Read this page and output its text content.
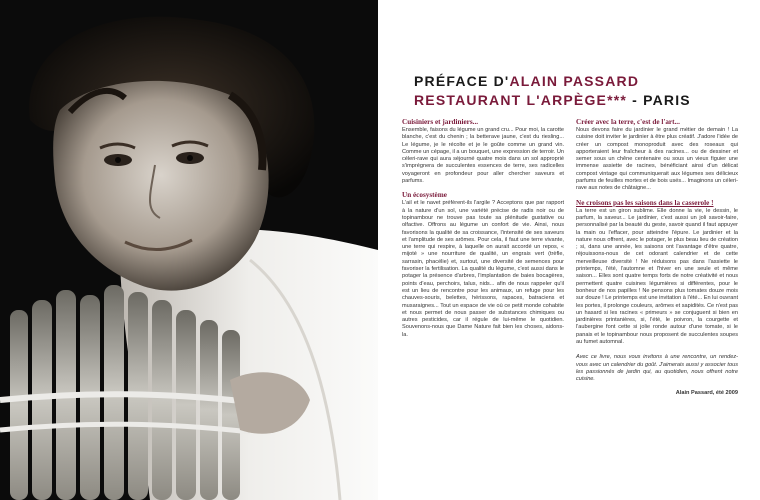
PRÉFACE D'ALAIN PASSARD
RESTAURANT L'ARPÈGE*** - PARIS
Cuisiniers et jardiniers...

Ensemble, faisons du légume un grand cru... Pour moi, la carotte blanche, c'est du chenin ; la betterave jaune, c'est du riesling... Le légume, je le récolte et je le goûte comme un grand vin. Comme un cépage, il a un bouquet, une expression de terroir. Un céleri-rave qui aura séjourné quatre mois dans un sol approprié s'imprégnera de succulentes essences de terre, ses radicelles voyageront en profondeur pour aller chercher saveurs et parfums.

Un écosystème

L'ail et le navet préfèrent-ils l'argile ? Acceptons que par rapport à la nature d'un sol, une variété précise de radis noir ou de topinambour ne trouve pas toute sa plénitude gustative ou olfactive. Offrons au légume un confort de vie. Ainsi, nous favorisons la qualité de sa croissance, l'intensité de ses saveurs et l'amplitude de ses arômes. Pour cela, il faut une terre vivante, une terre qui respire, à laquelle on aurait accordé un repos, « mijoté » une nourriture de qualité, un engrais vert (trèfle, sarrasin, phacélie) et, surtout, une diversité de semences pour favoriser la fertilisation. La qualité du légume, c'est aussi dans le potager la présence d'arbres, l'implantation de baies bocagères, points d'eau, perchoirs, talus, nids... afin de nous rappeler qu'il est un lieu de rencontre pour les animaux, un refuge pour les chauves-souris, belettes, hérissons, rapaces, batraciens et musaraignes... Tout un espace de vie où ce petit monde cohabite et nous permet de nous passer de substances chimiques ou autres pesticides, car il régule de lui-même le quotidien. Souvenons-nous que Dame Nature fait bien les choses, aidons-la.

Créer avec la terre, c'est de l'art...

Nous devons faire du jardinier le grand métier de demain ! La cuisine doit inviter le jardinier à être plus créatif. J'adore l'idée de créer un compost monoproduit avec des roseaux qui apporteraient leur fraîcheur à des racines... ou de dessiner et semer sous un chêne centenaire ou sous un vieux figuier une immense assiette de racines, bénéficiant ainsi d'un délicat compost vintage qui communiquerait aux légumes ses délicieux parfums de feuilles mortes et de bois usés... Imaginons un céleri-rave aux notes de châtaigne...

Ne croisons pas les saisons dans la casserole !

La terre est un giron sublime. Elle donne la vie, le dessin, le parfum, la saveur... Le jardinier, c'est aussi un joli savoir-faire, personnalisé par la beauté du geste, savoir quand il faut appuyer la main ou l'effacer, pour atteindre l'épure. Le jardinier et la nature nous offrent, avec le potager, le plus beau lieu de création ; si, dans une année, les saisons ont l'avantage d'être quatre, réjouissons-nous de cet odorant calendrier et de cette merveilleuse diversité ! Ne réduisons pas dans l'assiette le printemps, l'été, l'automne et l'hiver en une seule et même saison... Elles sont quatre temps forts de notre créativité et nous permettent quatre cuisines légumières si différentes, pour le bonheur de nos papilles ! Ne pensons plus tomates douze mois sur douze ! Le printemps est une invitation à l'été... En lui ouvrant les portes, il prolonge couleurs, arômes et sapidités. Ce n'est pas un hasard si les racines « primeurs » se conjuguent si bien en jardinières printanières, si, l'été, le poivron, la courgette et l'aubergine font cette si jolie ronde autour d'une tomate, si le panais et le topinambour nous proposent de succulentes soupes au fumet automnal.

Avec ce livre, nous vous invitons à une rencontre, un rendez-vous avec un calendrier du goût. J'aimerais aussi y associer tous les passionnés de jardin qui, au quotidien, nous offrent notre cuisine.

Alain Passard, été 2009
